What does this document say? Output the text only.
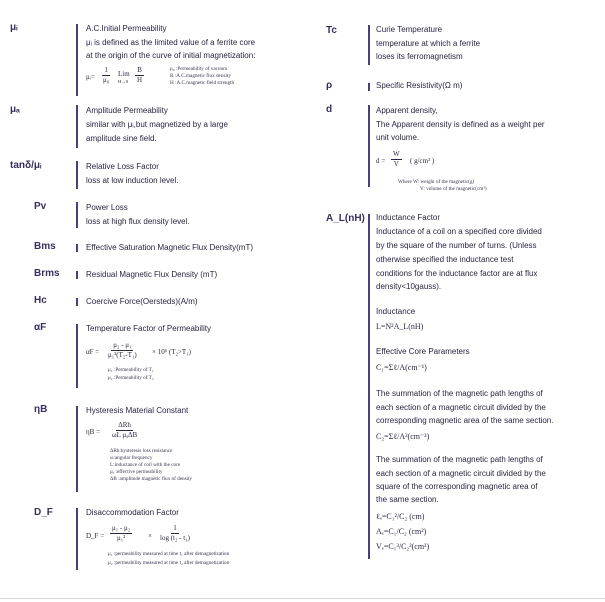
μᵢ	A.C.Initial Permeability
μᵢ is defined as the limited value of a ferrite core
at the origin of the curve of initial magnetization:
μᵢ= $\frac{1}{\text{μ₀}}$ Lim
$H\to 0 \frac{B}{H}$	μ₀ :Permeability of vacuum
B :A.C.magnetic flux density
H :A.C.magnetic field strength
μₐ	Amplitude Permeability
similar with μᵢ,but magnetized by a large
amplitude sine field.
tanδ/μᵢ	Relative Loss Factor
loss at low induction level.
Pv	Power Loss
loss at high flux density level.
Bms	Effective Saturation Magnetic Flux Density(mT)
Brms	Residual Magnetic Flux Density (mT)
Hc	Coercive Force(Oersteds)(A/m)
αF	Temperature Factor of Permeability
$\alpha F = \frac{\text{μ₂ - μ₁}}{\text{μ₁²(T₂-T₁)}} \times 10^6$ (T₂>T₁)
μ₁ :Permeability of T₁
μ₂ :Permeability of T₂
ηB	Hysteresis Material Constant
ηB =
ΔRh
ωL μₐΔB
ΔRh:hysteresis loss resistance
ω:angular frequency
L:inductance of coil with the core
μₐ :effective permeability
ΔB :amplitude magnetic flux of density
D_F	Disaccommodation Factor
D_F = $\frac{\text{μ₁ - μ₂}}{\text{μ₁²}} \times \frac{1}{\text{log (t₂ - t₁)}}$
μ₁ :permeability measured at time t₁ after demagnetization
μ₂ :permeability measured at time t₂ after demagnetization
Tc	Curie Temperature
temperature at which a ferrite
loses its ferromagnetism
ρ	Specific Resistivity(Ω m)
d	Apparent density,
The Apparent density is defined as a weight per
unit volume.
$d = \frac{W}{V}$ ( g/cm³ )
Where W: weight of the magnetic(g)
V: volume of the magnetic(cm³)
A_L(nH) Inductance Factor
Inductance of a coil on a specified core divided
by the square of the number of turns. (Unless
otherwise specified the inductance test
conditions for the inductance factor are at flux
density<10gauss).
Inductance
L=N²A_L(nH)
Effective Core Parameters
C₁=Σℓ/A(cm⁻¹)
The summation of the magnetic path lengths of
each section of a magnetic circuit divided by the
corresponding magnetic area of the same section.
C₂=Σℓ/A²(cm⁻³)
The summation of the magnetic path lengths of
each section of a magnetic circuit divided by the
square of the corresponding magnetic area of
the same section.
ℓₑ=C₁²/C₂ (cm)
Aₑ=C₁/C₂ (cm²)
Vₑ=C₁³/C₂²(cm³)
